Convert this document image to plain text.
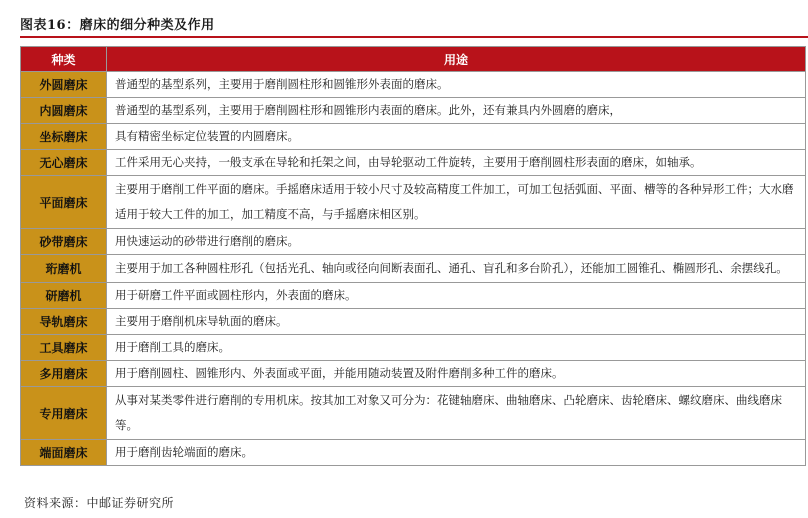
图表16：磨床的细分种类及作用
种类	用途
外圆磨床	普通型的基型系列，主要用于磨削圆柱形和圆锥形外表面的磨床。
内圆磨床	普通型的基型系列，主要用于磨削圆柱形和圆锥形内表面的磨床。此外，还有兼具内外圆磨的磨床，
坐标磨床	具有精密坐标定位装置的内圆磨床。
无心磨床	工件采用无心夹持，一般支承在导轮和托架之间，由导轮驱动工件旋转，主要用于磨削圆柱形表面的磨床，如轴承。
平面磨床	主要用于磨削工件平面的磨床。手摇磨床适用于较小尺寸及较高精度工件加工，可加工包括弧面、平面、槽等的各种异形工件；大水磨适用于较大工件的加工，加工精度不高，与手摇磨床相区别。
砂带磨床	用快速运动的砂带进行磨削的磨床。
珩磨机	主要用于加工各种圆柱形孔（包括光孔、轴向或径向间断表面孔、通孔、盲孔和多台阶孔），还能加工圆锥孔、椭圆形孔、余摆线孔。
研磨机	用于研磨工件平面或圆柱形内，外表面的磨床。
导轨磨床	主要用于磨削机床导轨面的磨床。
工具磨床	用于磨削工具的磨床。
多用磨床	用于磨削圆柱、圆锥形内、外表面或平面，并能用随动装置及附件磨削多种工件的磨床。
专用磨床	从事对某类零件进行磨削的专用机床。按其加工对象又可分为：花键轴磨床、曲轴磨床、凸轮磨床、齿轮磨床、螺纹磨床、曲线磨床等。
端面磨床	用于磨削齿轮端面的磨床。
资料来源：中邮证券研究所
